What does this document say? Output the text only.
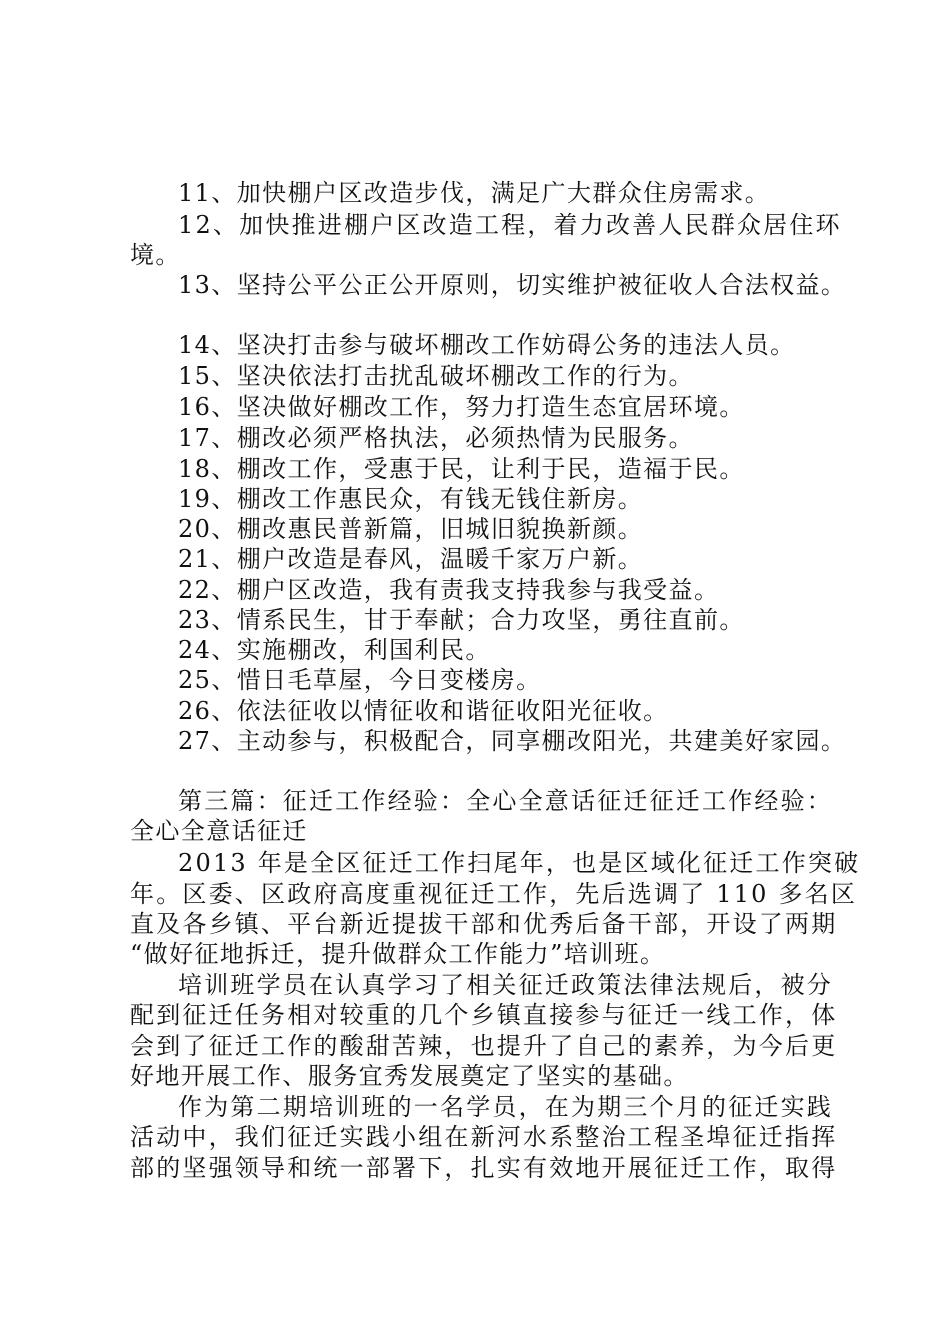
11、加快棚户区改造步伐，满足广大群众住房需求。
12、加快推进棚户区改造工程，着力改善人民群众居住环
境。
13、坚持公平公正公开原则，切实维护被征收人合法权益。
14、坚决打击参与破坏棚改工作妨碍公务的违法人员。
15、坚决依法打击扰乱破坏棚改工作的行为。
16、坚决做好棚改工作，努力打造生态宜居环境。
17、棚改必须严格执法，必须热情为民服务。
18、棚改工作，受惠于民，让利于民，造福于民。
19、棚改工作惠民众，有钱无钱住新房。
20、棚改惠民普新篇，旧城旧貌换新颜。
21、棚户改造是春风，温暖千家万户新。
22、棚户区改造，我有责我支持我参与我受益。
23、情系民生，甘于奉献；合力攻坚，勇往直前。
24、实施棚改，利国利民。
25、惜日毛草屋，今日变楼房。
26、依法征收以情征收和谐征收阳光征收。
27、主动参与，积极配合，同享棚改阳光，共建美好家园。
第三篇：征迁工作经验：全心全意话征迁征迁工作经验：
全心全意话征迁
2013 年是全区征迁工作扫尾年，也是区域化征迁工作突破
年。区委、区政府高度重视征迁工作，先后选调了 110 多名区
直及各乡镇、平台新近提拔干部和优秀后备干部，开设了两期
“做好征地拆迁，提升做群众工作能力”培训班。
培训班学员在认真学习了相关征迁政策法律法规后，被分
配到征迁任务相对较重的几个乡镇直接参与征迁一线工作，体
会到了征迁工作的酸甜苦辣，也提升了自己的素养，为今后更
好地开展工作、服务宜秀发展奠定了坚实的基础。
作为第二期培训班的一名学员，在为期三个月的征迁实践
活动中，我们征迁实践小组在新河水系整治工程圣埠征迁指挥
部的坚强领导和统一部署下，扎实有效地开展征迁工作，取得
